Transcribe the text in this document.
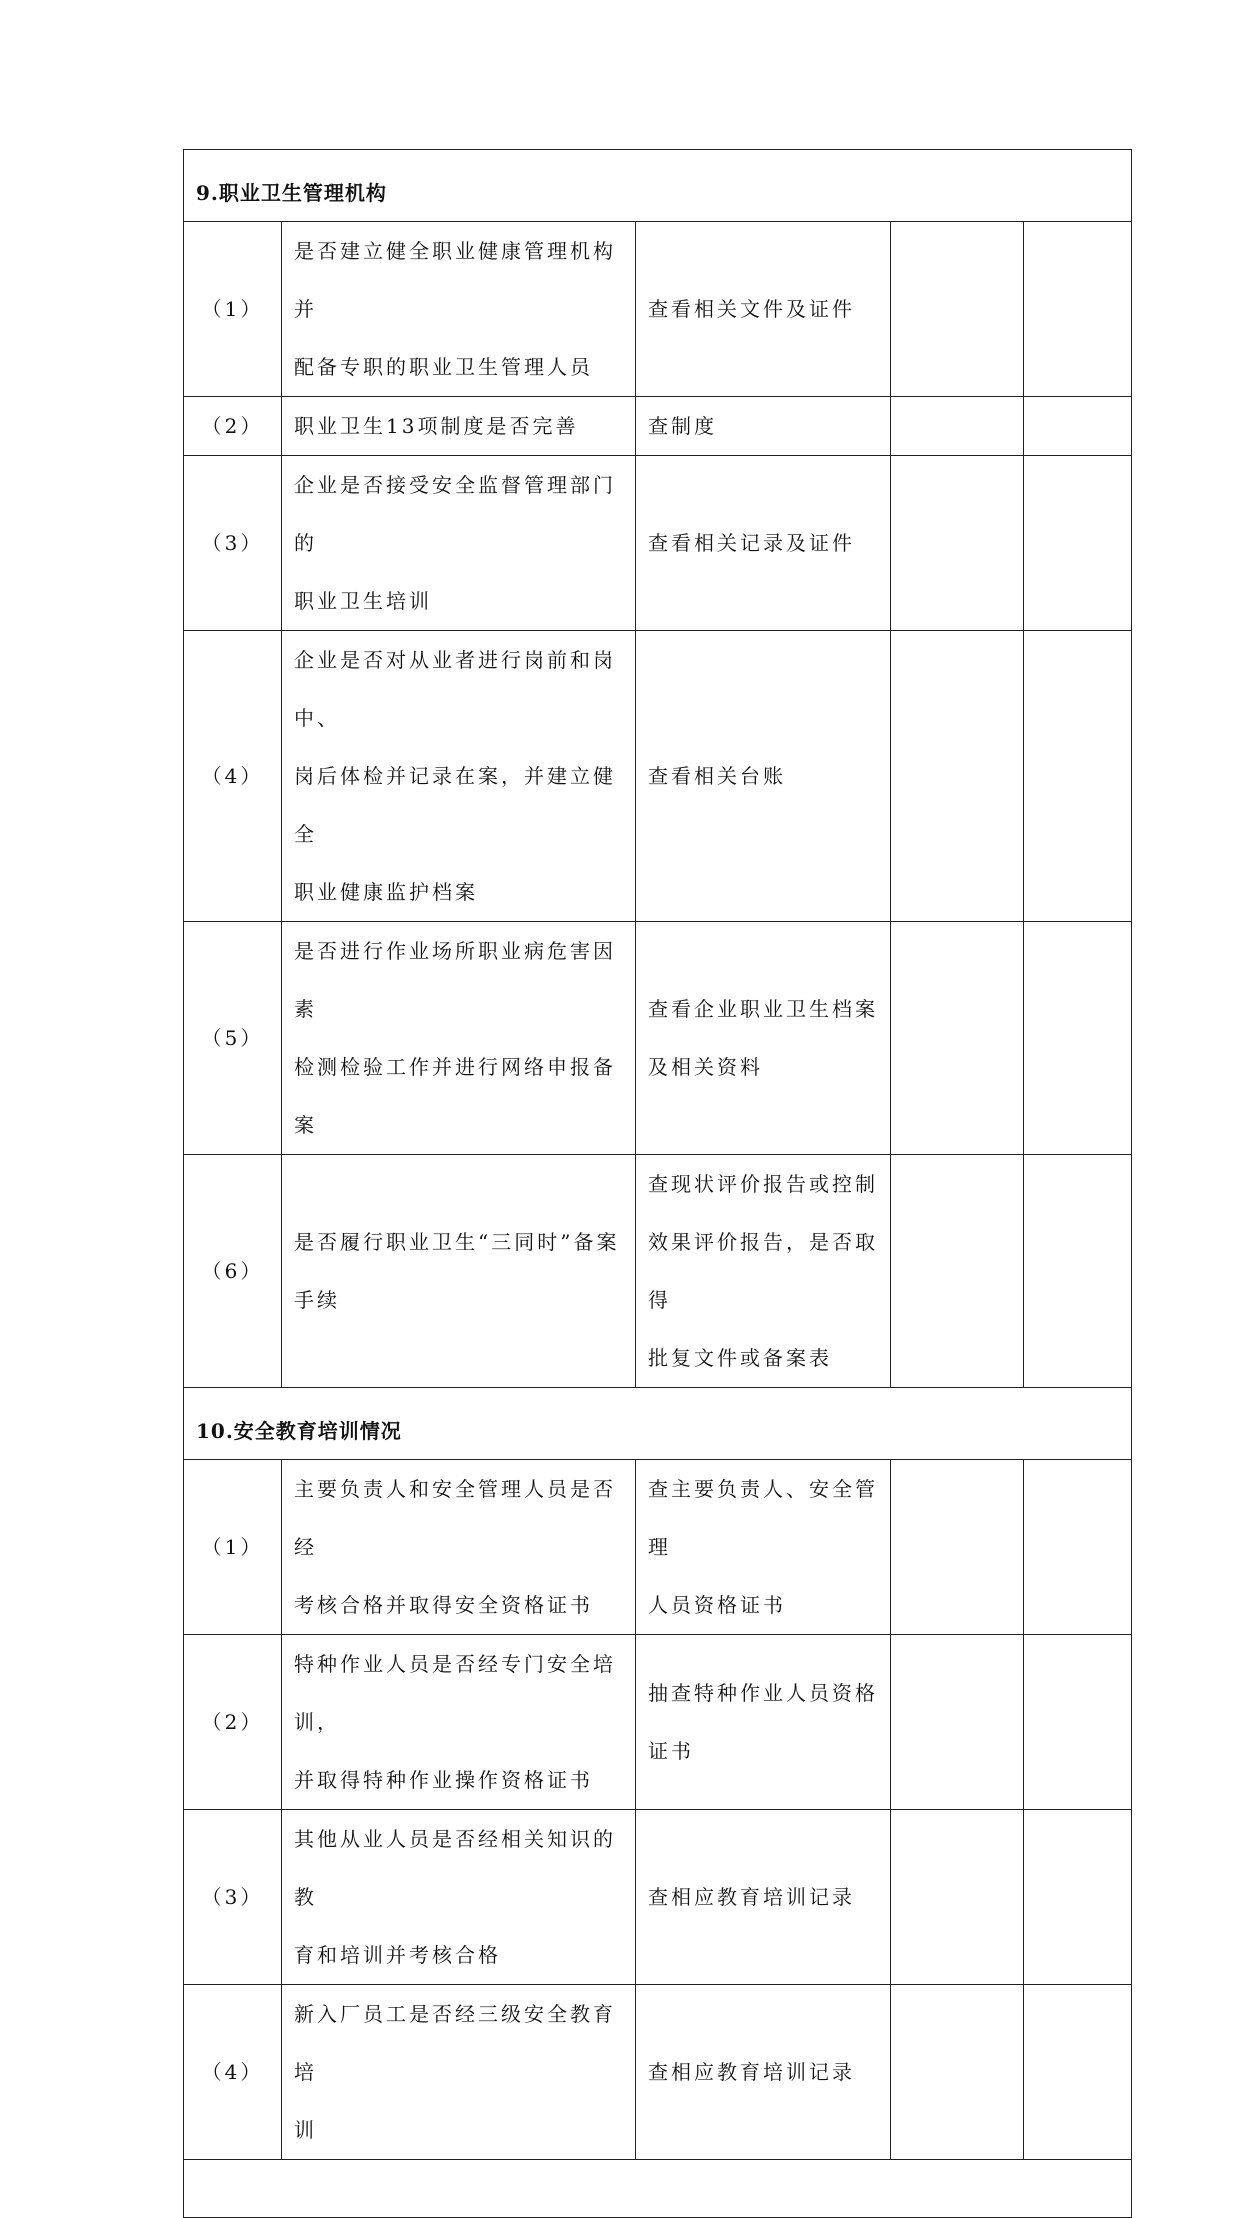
9.职业卫生管理机构				
（1）	是否建立健全职业健康管理机构并
配备专职的职业卫生管理人员	查看相关文件及证件		

（2）	职业卫生13项制度是否完善	查制度		

（3）	企业是否接受安全监督管理部门的
职业卫生培训	查看相关记录及证件		

（4）	企业是否对从业者进行岗前和岗中、
岗后体检并记录在案，并建立健全
职业健康监护档案	查看相关台账		

（5）	是否进行作业场所职业病危害因素
检测检验工作并进行网络申报备案	查看企业职业卫生档案
及相关资料		

（6）	是否履行职业卫生“三同时”备案
手续	查现状评价报告或控制
效果评价报告，是否取得
批复文件或备案表		

10.安全教育培训情况				
（1）	主要负责人和安全管理人员是否经
考核合格并取得安全资格证书	查主要负责人、安全管理
人员资格证书		

（2）	特种作业人员是否经专门安全培训，
并取得特种作业操作资格证书	抽查特种作业人员资格
证书		

（3）	其他从业人员是否经相关知识的教
育和培训并考核合格	查相应教育培训记录		

（4）	新入厂员工是否经三级安全教育培
训	查相应教育培训记录		
